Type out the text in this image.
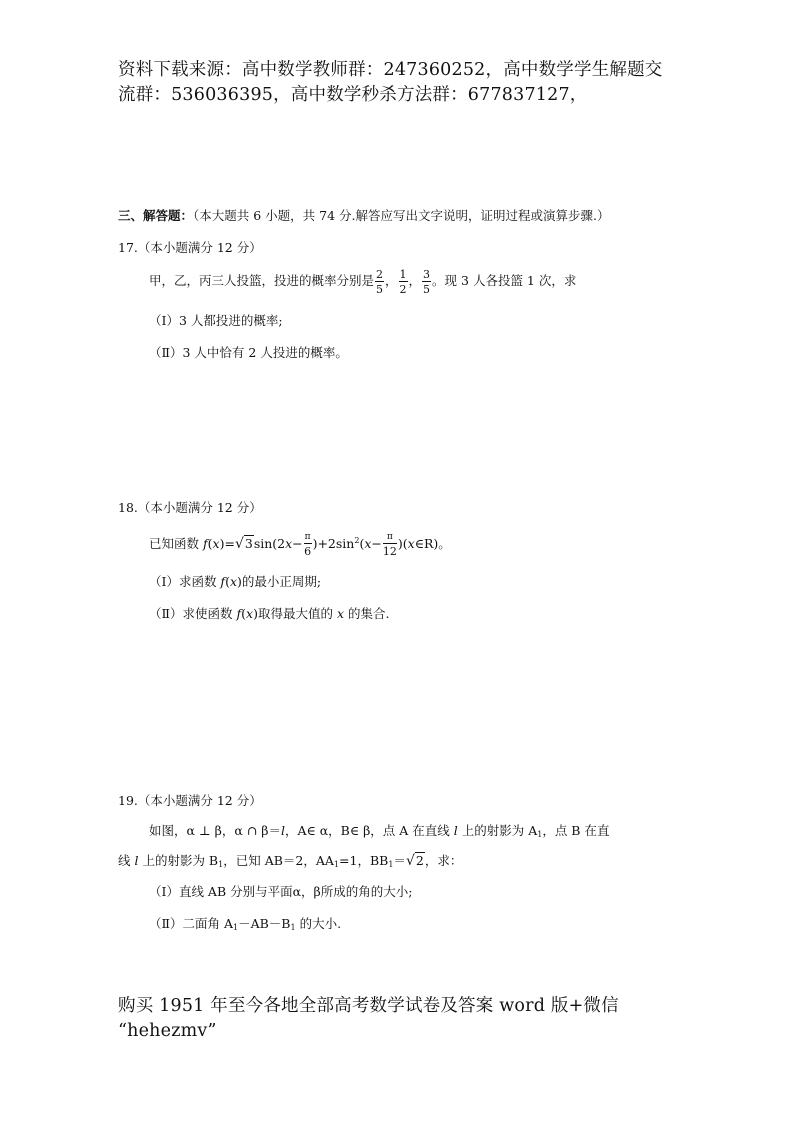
资料下载来源：高中数学教师群：247360252，高中数学学生解题交
流群：536036395，高中数学秒杀方法群：677837127，
三、解答题：（本大题共 6 小题，共 74 分.解答应写出文字说明，证明过程或演算步骤.）
17.（本小题满分 12 分）
甲，乙，丙三人投篮，投进的概率分别是 $\frac{2}{5}$ ， $\frac{1}{2}$ ， $\frac{3}{5}$ 。现 3 人各投篮 1 次，求
（Ⅰ）3 人都投进的概率;
（Ⅱ）3 人中恰有 2 人投进的概率。
18.（本小题满分 12 分）
已知函数 $f(x)=√3\sin(2x- \frac{\pi}{6} )+2\sin^2(x- \frac{\pi}{12}$ )(x∈R)。
（Ⅰ）求函数 f(x)的最小正周期;
（Ⅱ）求使函数 f(x)取得最大值的 x 的集合.
19.（本小题满分 12 分）
如图，α ⊥ β，α ∩ β＝l，A∈ α，B∈ β，点 A 在直线 l 上的射影为 $A_1$，点 B 在直
线 l 上的射影为 $B_1$，已知 AB＝2，$AA_1=1$，$BB_1=√2$，求：
（Ⅰ）直线 AB 分别与平面α，β所成的角的大小;
（Ⅱ）二面角 $A_1-AB-B_1$ 的大小.
购买 1951 年至今各地全部高考数学试卷及答案 word 版+微信
“hehezmv”
